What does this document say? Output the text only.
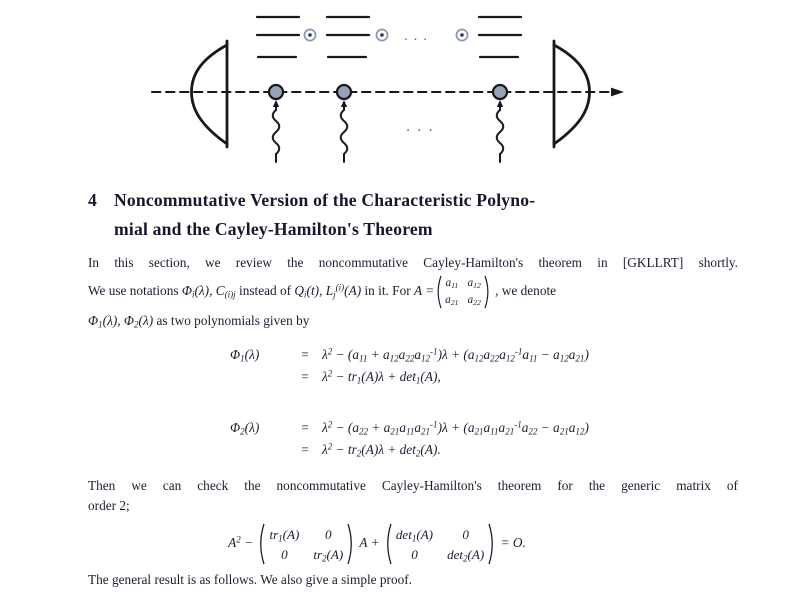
. . .
. . .
4 Noncommutative Version of the Characteristic Polyno-
mial and the Cayley-Hamilton's Theorem
In this section, we review the noncommutative Cayley-Hamilton's theorem in [GKLLRT] shortly.
We use notations $\Phi_i(\lambda)$, $C_{(i)j}$ instead of $Q_i(t)$, $L_j^{(i)}(A)$ in it. For A =
$a_{11}$ $a_{12}$
$a_{21}$ $a_{22}$
, we denote
$\Phi_1(\lambda)$, $\Phi_2(\lambda)$ as two polynomials given by
$\Phi_1(\lambda)$	= $\lambda^2 - (a_{11} + a_{12}a_{22}a_{12}^{-1})\lambda + (a_{12}a_{22}a_{12}^{-1}a_{11} - a_{12}a_{21})$
= $\lambda^2 - tr_1(A)\lambda + \det_1(A)$,
$\Phi_2(\lambda)$	= $\lambda^2 - (a_{22} + a_{21}a_{11}a_{21}^{-1})\lambda + (a_{21}a_{11}a_{21}^{-1}a_{22} - a_{21}a_{12})$
= $\lambda^2 - tr_2(A)\lambda + \det_2(A)$.
Then we can check the noncommutative Cayley-Hamilton's theorem for the generic matrix of
order 2;
$A^2$ −
$tr_1(A)$ 0
0 $tr_2(A)$
A +
$\det_1(A)$ 0
0 $\det_2(A)$
= O.
The general result is as follows. We also give a simple proof.
